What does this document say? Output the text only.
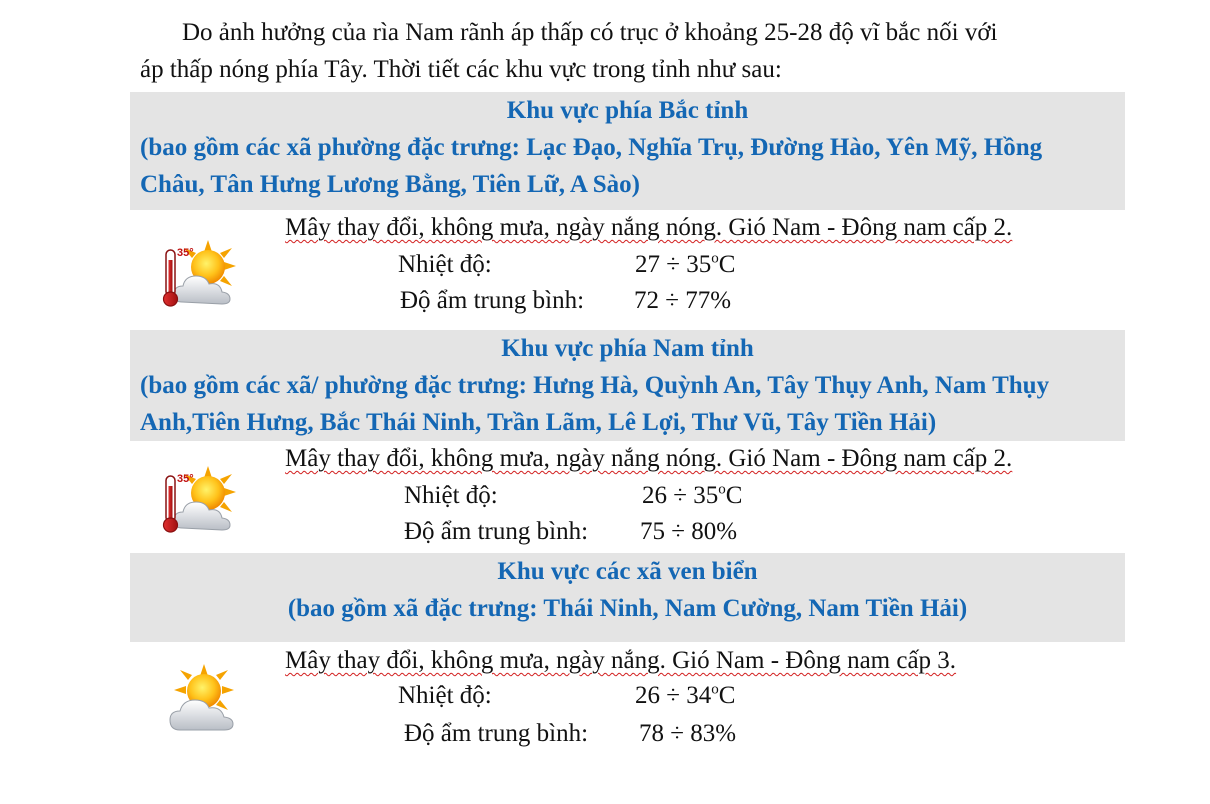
Do ảnh hưởng của rìa Nam rãnh áp thấp có trục ở khoảng 25-28 độ vĩ bắc nối với
áp thấp nóng phía Tây. Thời tiết các khu vực trong tỉnh như sau:
Khu vực phía Bắc tỉnh
(bao gồm các xã phường đặc trưng: Lạc Đạo, Nghĩa Trụ, Đường Hào, Yên Mỹ, Hồng
Châu, Tân Hưng Lương Bằng, Tiên Lữ, A Sào)
35°
Mây thay đổi, không mưa, ngày nắng nóng. Gió Nam - Đông nam cấp 2.
Nhiệt độ:	$27 \div 35^oC$
Độ ẩm trung bình: 72 ÷ 77%
Khu vực phía Nam tỉnh
(bao gồm các xã/ phường đặc trưng: Hưng Hà, Quỳnh An, Tây Thụy Anh, Nam Thụy
Anh,Tiên Hưng, Bắc Thái Ninh, Trần Lãm, Lê Lợi, Thư Vũ, Tây Tiền Hải)
35°
Mây thay đổi, không mưa, ngày nắng nóng. Gió Nam - Đông nam cấp 2.
Nhiệt độ:	$26 \div 35^oC$
Độ ẩm trung bình: 75 ÷ 80%
Khu vực các xã ven biển
(bao gồm xã đặc trưng: Thái Ninh, Nam Cường, Nam Tiền Hải)
Mây thay đổi, không mưa, ngày nắng. Gió Nam - Đông nam cấp 3.
Nhiệt độ:	$26 \div 34^oC$
Độ ẩm trung bình: 78 ÷ 83%
